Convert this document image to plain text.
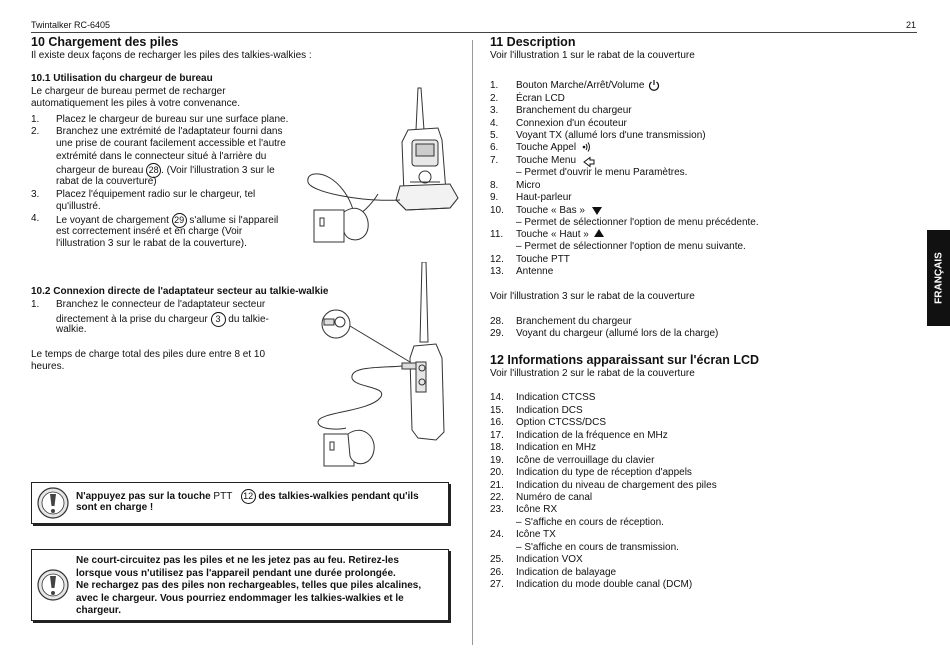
Twintalker RC-6405	21
FRANÇAIS
10 Chargement des piles
Il existe deux façons de recharger les piles des talkies-walkies :
10.1 Utilisation du chargeur de bureau
Le chargeur de bureau permet de recharger
automatiquement les piles à votre convenance.
1. Placez le chargeur de bureau sur une surface plane.
2. Branchez une extrémité de l'adaptateur fourni dans
une prise de courant facilement accessible et l'autre
extrémité dans le connecteur situé à l'arrière du
chargeur de bureau 28 . (Voir l'illustration 3 sur le
rabat de la couverture)
3. Placez l'équipement radio sur le chargeur, tel
qu'illustré.
4. Le voyant de chargement 29 s'allume si l'appareil
est correctement inséré et en charge (Voir
l'illustration 3 sur le rabat de la couverture).
10.2 Connexion directe de l'adaptateur secteur au talkie-walkie
1. Branchez le connecteur de l'adaptateur secteur
directement à la prise du chargeur 3 du talkie-
walkie.
Le temps de charge total des piles dure entre 8 et 10
heures.
N'appuyez pas sur la touche PTT 12 des talkies-walkies pendant qu'ils
sont en charge !
Ne court-circuitez pas les piles et ne les jetez pas au feu. Retirez-les
lorsque vous n'utilisez pas l'appareil pendant une durée prolongée.
Ne rechargez pas des piles non rechargeables, telles que piles alcalines,
avec le chargeur. Vous pourriez endommager les talkies-walkies et le
chargeur.
11 Description
Voir l'illustration 1 sur le rabat de la couverture
1. Bouton Marche/Arrêt/Volume
2. Écran LCD
3. Branchement du chargeur
4. Connexion d'un écouteur
5. Voyant TX (allumé lors d'une transmission)
6. Touche Appel
7. Touche Menu
– Permet d'ouvrir le menu Paramètres.
8. Micro
9. Haut-parleur
10. Touche « Bas »
– Permet de sélectionner l'option de menu précédente.
11. Touche « Haut »
– Permet de sélectionner l'option de menu suivante.
12. Touche PTT
13. Antenne
Voir l'illustration 3 sur le rabat de la couverture
28. Branchement du chargeur
29. Voyant du chargeur (allumé lors de la charge)
12 Informations apparaissant sur l'écran LCD
Voir l'illustration 2 sur le rabat de la couverture
14. Indication CTCSS
15. Indication DCS
16. Option CTCSS/DCS
17. Indication de la fréquence en MHz
18. Indication en MHz
19. Icône de verrouillage du clavier
20. Indication du type de réception d'appels
21. Indication du niveau de chargement des piles
22. Numéro de canal
23. Icône RX
– S'affiche en cours de réception.
24. Icône TX
– S'affiche en cours de transmission.
25. Indication VOX
26. Indication de balayage
27. Indication du mode double canal (DCM)
